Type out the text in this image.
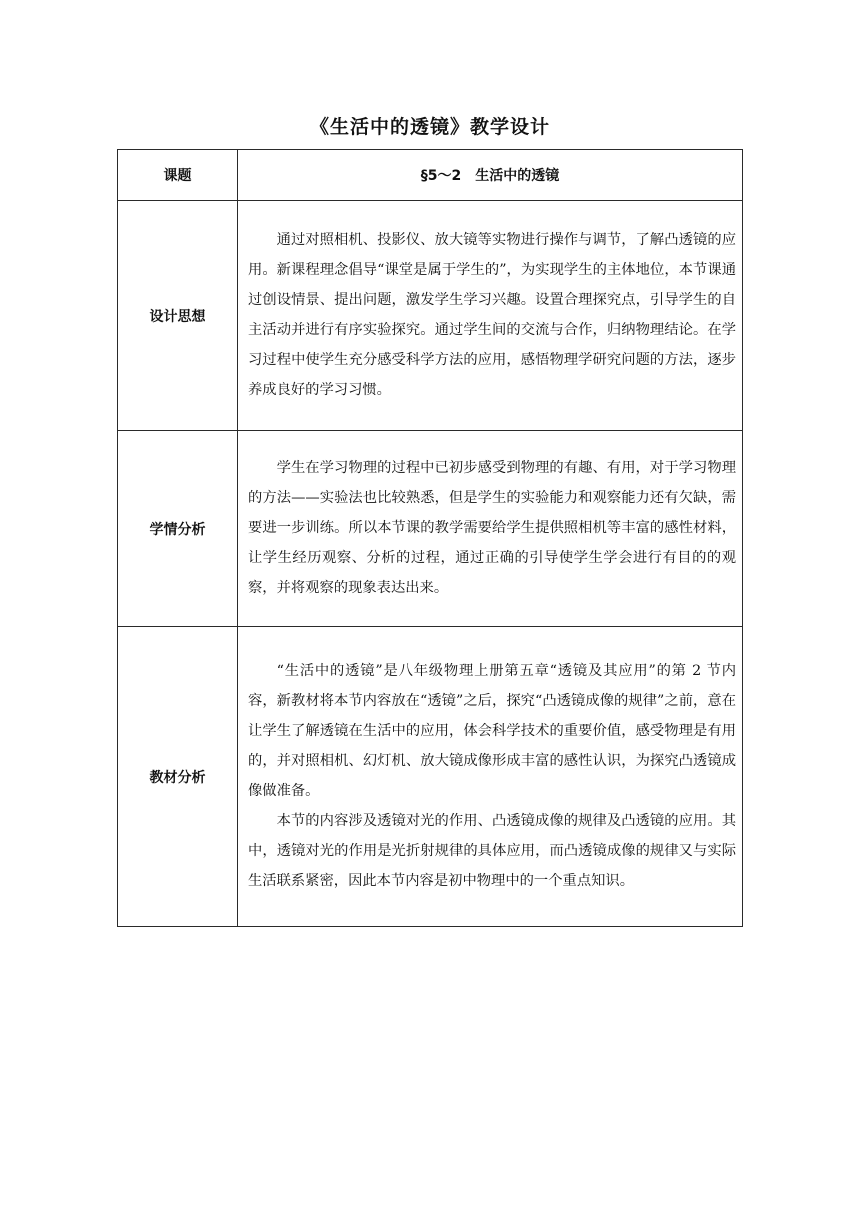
《生活中的透镜》教学设计
课题	§5～2　生活中的透镜
设计思想	通过对照相机、投影仪、放大镜等实物进行操作与调节，了解凸透镜的应用。新课程理念倡导“课堂是属于学生的”，为实现学生的主体地位，本节课通过创设情景、提出问题，激发学生学习兴趣。设置合理探究点，引导学生的自主活动并进行有序实验探究。通过学生间的交流与合作，归纳物理结论。在学习过程中使学生充分感受科学方法的应用，感悟物理学研究问题的方法，逐步养成良好的学习习惯。

学情分析	学生在学习物理的过程中已初步感受到物理的有趣、有用，对于学习物理的方法——实验法也比较熟悉，但是学生的实验能力和观察能力还有欠缺，需要进一步训练。所以本节课的教学需要给学生提供照相机等丰富的感性材料，让学生经历观察、分析的过程，通过正确的引导使学生学会进行有目的的观察，并将观察的现象表达出来。

教材分析	“生活中的透镜”是八年级物理上册第五章“透镜及其应用”的第 2 节内容，新教材将本节内容放在“透镜”之后，探究“凸透镜成像的规律”之前，意在让学生了解透镜在生活中的应用，体会科学技术的重要价值，感受物理是有用的，并对照相机、幻灯机、放大镜成像形成丰富的感性认识，为探究凸透镜成像做准备。

本节的内容涉及透镜对光的作用、凸透镜成像的规律及凸透镜的应用。其中，透镜对光的作用是光折射规律的具体应用，而凸透镜成像的规律又与实际生活联系紧密，因此本节内容是初中物理中的一个重点知识。
